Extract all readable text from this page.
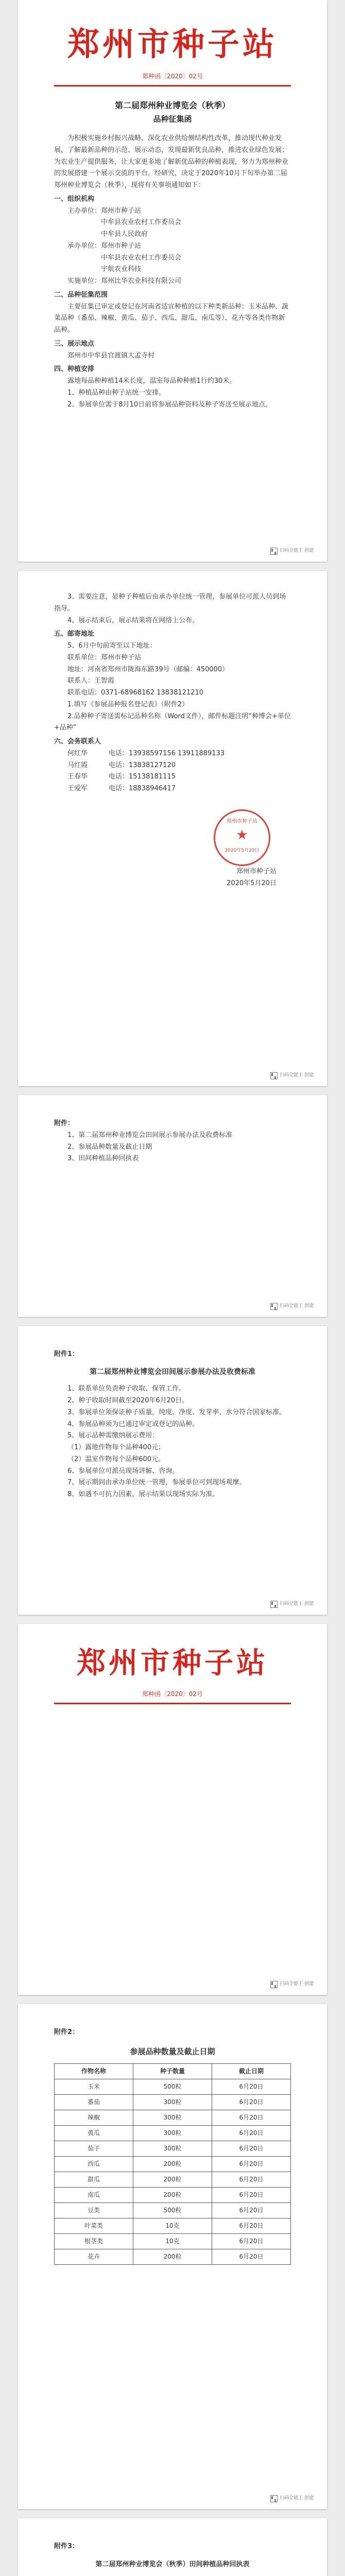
郑州市种子站
郑种函〔2020〕02号
第二届郑州种业博览会（秋季）
品种征集函

为积极实施乡村振兴战略，深化农业供给侧结构性改革，推动现代种业发展，了解最新品种的示范、展示动态，发现最新优良品种，推进农业绿色发展；为农业生产提供服务，让大家更多地了解新优品种的种植表现，努力为郑州种业的发展搭建一个展示交流的平台。经研究，决定于2020年10月下旬举办第二届郑州种业博览会（秋季），现将有关事项通知如下：

一、组织机构

主办单位：郑州市种子站

中牟县农业农村工作委员会

中牟县人民政府

承办单位：郑州市种子站

中牟县农业农村工作委员会

宇航农业科技

实施单位：郑州比华农业科技有限公司

二、品种征集范围

主要征集已审定或登记在河南省适宜种植的以下种类新品种：玉米品种、蔬菜品种（番茄、辣椒、黄瓜、茄子、西瓜、甜瓜、南瓜等）、花卉等各类作物新品种。

三、展示地点

郑州市中牟县官渡镇大孟寺村

四、种植安排

露地每品种种植14米长度，温室每品种种植1行约30米。

1、种植品种由种子站统一安排。

2、参展单位需于8月10日前将参展品种资料及种子寄送至展示地点。

扫码全能王 创建

3、需要注意，显种子种植后由承办单位统一管理，参展单位可派人员到场指导。

4、展示结束后，展示结果将在网络上公布。

五、邮寄地址

5、6月中旬前寄至以下地址：

联系单位：郑州市种子站

地址：河南省郑州市陇海东路39号（邮编：450000）

联系人：王智霞

联系电话：0371-68968162 13838121210

1.填写《参展品种报名登记表》（附件2）

2.品种种子寄送需标记品种名称（Word文件），邮件标题注明“种博会+单位+品种”

六、会务联系人

何红华	电话：13938597156 13911889133
马红霞	电话：13838127120
王春华	电话：15138181115
王爱军	电话：18838946417

郑州市种子站
★
2020年5月20日

郑州市种子站

2020年5月20日

扫码全能王 创建

附件：

1、第二届郑州种业博览会田间展示参展办法及收费标准

2、参展品种数量及截止日期

3、田间种植品种回执表

扫码全能王 创建

附件1：

第二届郑州种业博览会田间展示参展办法及收费标准

1、联系单位负责种子收取、保管工作。

2、种子收取时间截至2020年6月20日。

3、参展单位须保证种子质量，纯度、净度、发芽率、水分符合国家标准。

4、参展品种须为已通过审定或登记的品种。

5、展示品种需缴纳展示费用：

（1）露地作物每个品种400元；

（2）温室作物每个品种600元。

6、参展单位可派员现场讲解、咨询。

7、展示期间由承办单位统一管理，参展单位可到现场观摩。

8、如遇不可抗力因素，展示结果以现场实际为准。

扫码全能王 创建
郑州市种子站
郑种函〔2020〕02号
扫码全能王 创建

附件2：

参展品种数量及截止日期
作物名称	种子数量	截止日期
玉米	500粒	6月20日
番茄	300粒	6月20日
辣椒	300粒	6月20日
黄瓜	300粒	6月20日
茄子	300粒	6月20日
西瓜	200粒	6月20日
甜瓜	200粒	6月20日
南瓜	200粒	6月20日
豆类	500粒	6月20日
叶菜类	10克	6月20日
根茎类	10克	6月20日
花卉	200粒	6月20日
扫码全能王 创建

附件3：

第二届郑州种业博览会（秋季）田间种植品种回执表
